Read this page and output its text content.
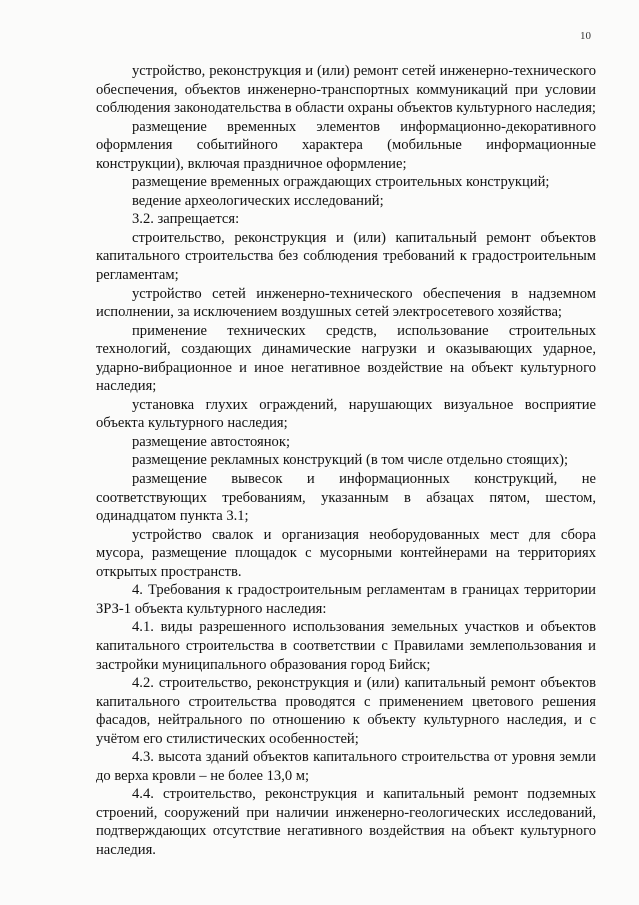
10

устройство, реконструкция и (или) ремонт сетей инженерно-технического обеспечения, объектов инженерно-транспортных коммуникаций при условии соблюдения законодательства в области охраны объектов культурного наследия;

размещение временных элементов информационно-декоративного оформления событийного характера (мобильные информационные конструкции), включая праздничное оформление;

размещение временных ограждающих строительных конструкций;

ведение археологических исследований;

3.2. запрещается:

строительство, реконструкция и (или) капитальный ремонт объектов капитального строительства без соблюдения требований к градостроительным регламентам;

устройство сетей инженерно-технического обеспечения в надземном исполнении, за исключением воздушных сетей электросетевого хозяйства;

применение технических средств, использование строительных технологий, создающих динамические нагрузки и оказывающих ударное, ударно-вибрационное и иное негативное воздействие на объект культурного наследия;

установка глухих ограждений, нарушающих визуальное восприятие объекта культурного наследия;

размещение автостоянок;

размещение рекламных конструкций (в том числе отдельно стоящих);

размещение вывесок и информационных конструкций, не соответствующих требованиям, указанным в абзацах пятом, шестом, одинадцатом пункта 3.1;

устройство свалок и организация необорудованных мест для сбора мусора, размещение площадок с мусорными контейнерами на территориях открытых пространств.

4. Требования к градостроительным регламентам в границах территории ЗРЗ-1 объекта культурного наследия:

4.1. виды разрешенного использования земельных участков и объектов капитального строительства в соответствии с Правилами землепользования и застройки муниципального образования город Бийск;

4.2. строительство, реконструкция и (или) капитальный ремонт объектов капитального строительства проводятся с применением цветового решения фасадов, нейтрального по отношению к объекту культурного наследия, и с учётом его стилистических особенностей;

4.3. высота зданий объектов капитального строительства от уровня земли до верха кровли – не более 13,0 м;

4.4. строительство, реконструкция и капитальный ремонт подземных строений, сооружений при наличии инженерно-геологических исследований, подтверждающих отсутствие негативного воздействия на объект культурного наследия.
